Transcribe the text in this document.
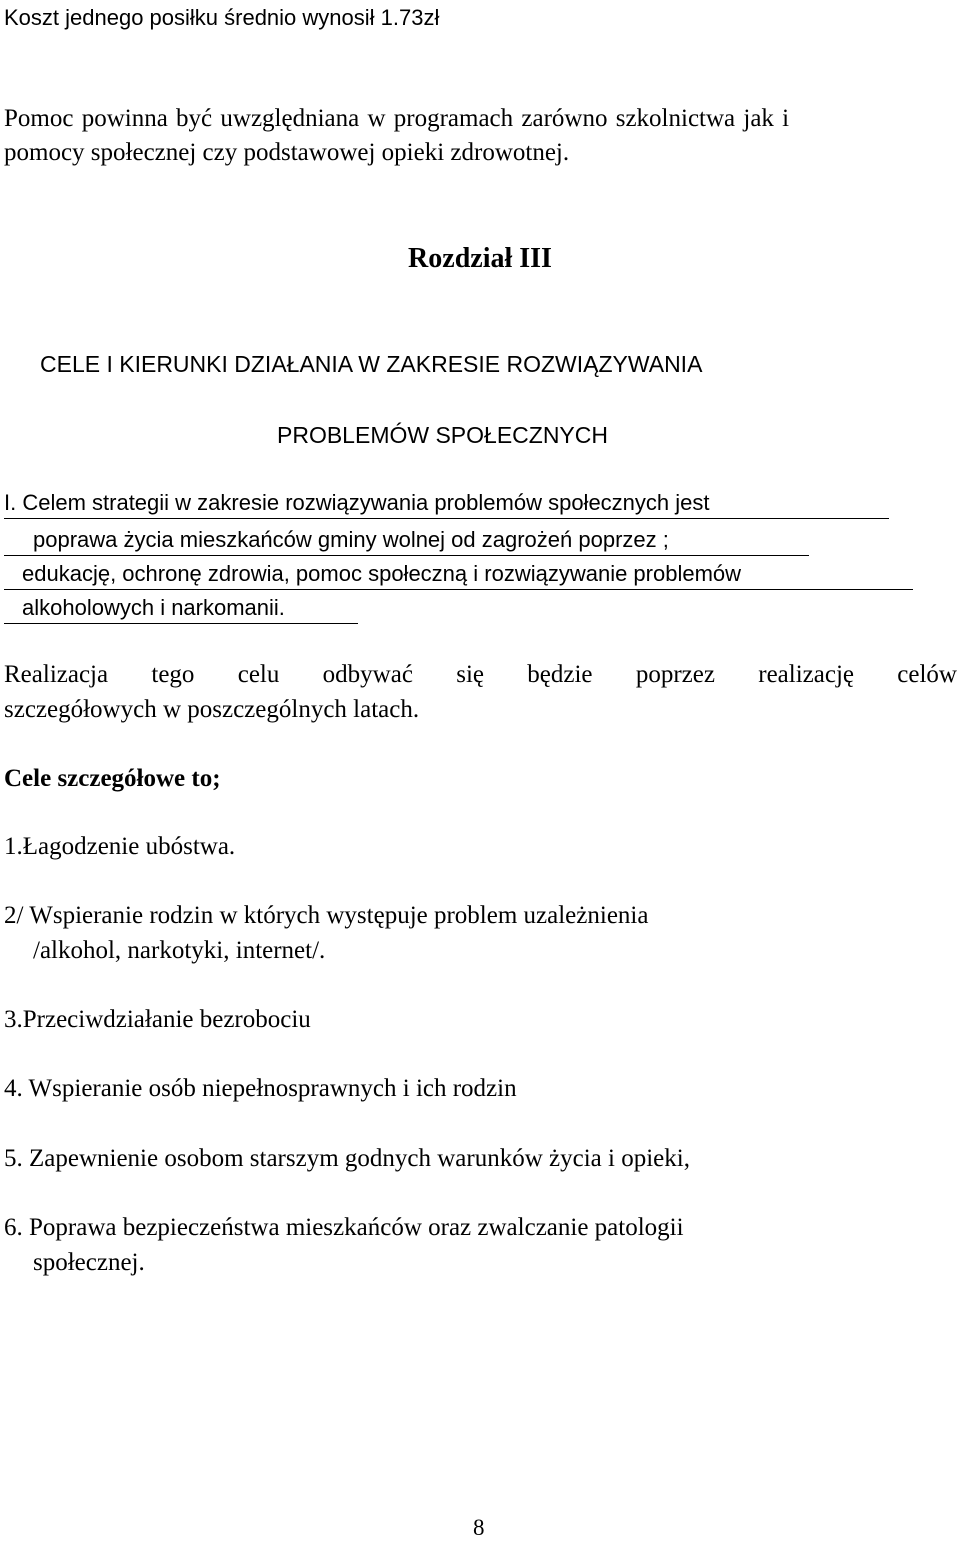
Koszt jednego posiłku średnio wynosił 1.73zł
Pomoc powinna być uwzględniana w programach zarówno szkolnictwa jak i
pomocy społecznej czy podstawowej opieki zdrowotnej.
Rozdział III
CELE I KIERUNKI DZIAŁANIA W ZAKRESIE ROZWIĄZYWANIA
PROBLEMÓW SPOŁECZNYCH
I. Celem strategii w zakresie rozwiązywania problemów społecznych jest
poprawa życia mieszkańców gminy wolnej od zagrożeń poprzez ;
edukację, ochronę zdrowia, pomoc społeczną i rozwiązywanie problemów
alkoholowych i narkomanii.
Realizacja tego celu odbywać się będzie poprzez realizację celów
szczegółowych w poszczególnych latach.
Cele szczegółowe to;
1.Łagodzenie ubóstwa.
2/ Wspieranie rodzin w których występuje problem uzależnienia
/alkohol, narkotyki, internet/.
3.Przeciwdziałanie bezrobociu
4. Wspieranie osób niepełnosprawnych i ich rodzin
5. Zapewnienie osobom starszym godnych warunków życia i opieki,
6. Poprawa bezpieczeństwa mieszkańców oraz zwalczanie patologii
społecznej.
8
